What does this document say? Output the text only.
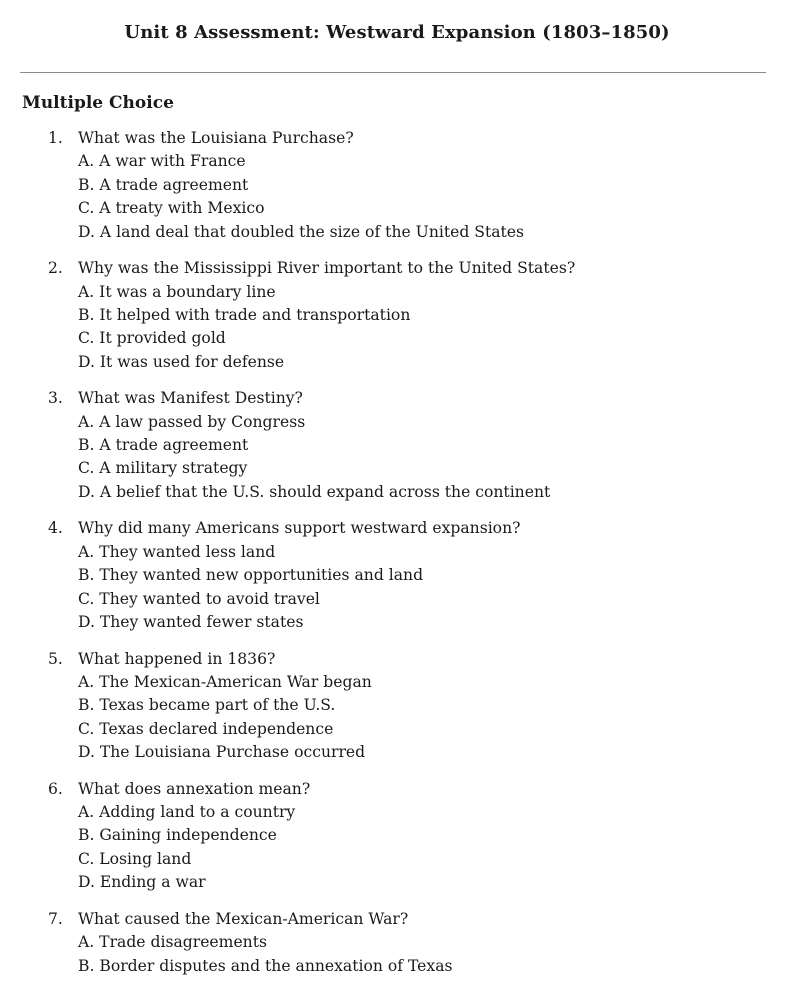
Unit 8 Assessment: Westward Expansion (1803–1850)
Multiple Choice
1. What was the Louisiana Purchase?
A. A war with France
B. A trade agreement
C. A treaty with Mexico
D. A land deal that doubled the size of the United States
2. Why was the Mississippi River important to the United States?
A. It was a boundary line
B. It helped with trade and transportation
C. It provided gold
D. It was used for defense
3. What was Manifest Destiny?
A. A law passed by Congress
B. A trade agreement
C. A military strategy
D. A belief that the U.S. should expand across the continent
4. Why did many Americans support westward expansion?
A. They wanted less land
B. They wanted new opportunities and land
C. They wanted to avoid travel
D. They wanted fewer states
5. What happened in 1836?
A. The Mexican-American War began
B. Texas became part of the U.S.
C. Texas declared independence
D. The Louisiana Purchase occurred
6. What does annexation mean?
A. Adding land to a country
B. Gaining independence
C. Losing land
D. Ending a war
7. What caused the Mexican-American War?
A. Trade disagreements
B. Border disputes and the annexation of Texas
